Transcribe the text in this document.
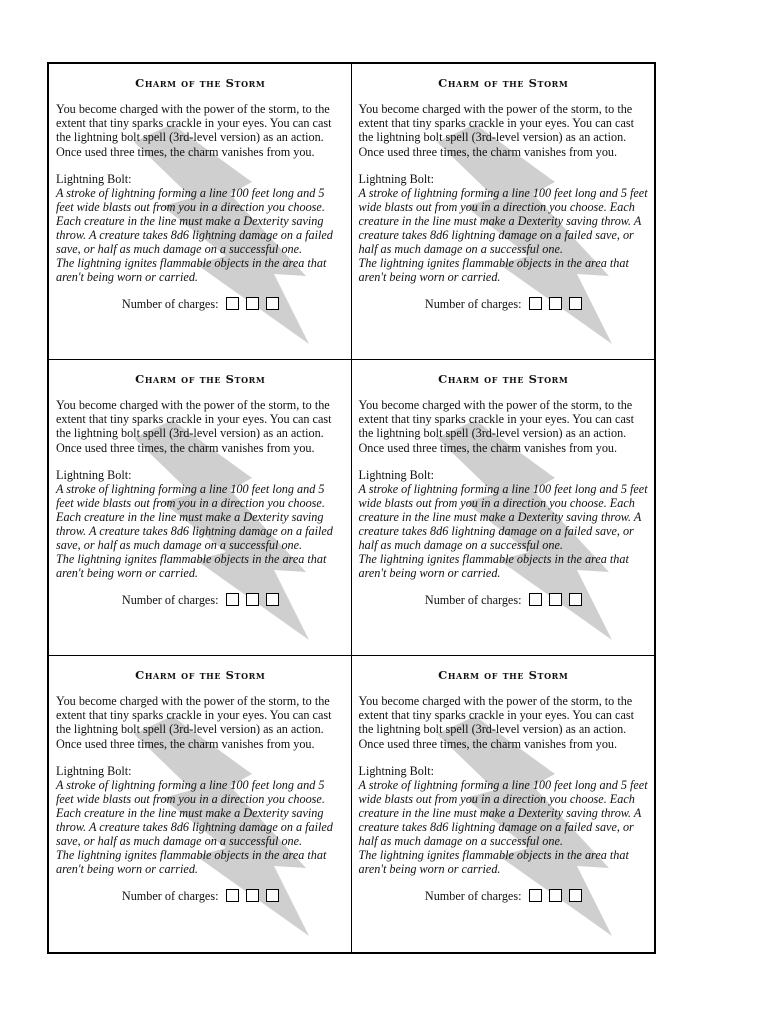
Charm of the Storm

You become charged with the power of the storm, to the extent that tiny sparks crackle in your eyes. You can cast the lightning bolt spell (3rd-level version) as an action. Once used three times, the charm vanishes from you.

Lightning Bolt:

A stroke of lightning forming a line 100 feet long and 5 feet wide blasts out from you in a direction you choose. Each creature in the line must make a Dexterity saving throw. A creature takes 8d6 lightning damage on a failed save, or half as much damage on a successful one.

The lightning ignites flammable objects in the area that aren't being worn or carried.

Number of charges:
Charm of the Storm

You become charged with the power of the storm, to the extent that tiny sparks crackle in your eyes. You can cast the lightning bolt spell (3rd-level version) as an action. Once used three times, the charm vanishes from you.

Lightning Bolt:

A stroke of lightning forming a line 100 feet long and 5 feet wide blasts out from you in a direction you choose. Each creature in the line must make a Dexterity saving throw. A creature takes 8d6 lightning damage on a failed save, or half as much damage on a successful one.

The lightning ignites flammable objects in the area that aren't being worn or carried.

Number of charges:
Charm of the Storm

You become charged with the power of the storm, to the extent that tiny sparks crackle in your eyes. You can cast the lightning bolt spell (3rd-level version) as an action. Once used three times, the charm vanishes from you.

Lightning Bolt:

A stroke of lightning forming a line 100 feet long and 5 feet wide blasts out from you in a direction you choose. Each creature in the line must make a Dexterity saving throw. A creature takes 8d6 lightning damage on a failed save, or half as much damage on a successful one.

The lightning ignites flammable objects in the area that aren't being worn or carried.

Number of charges:
Charm of the Storm

You become charged with the power of the storm, to the extent that tiny sparks crackle in your eyes. You can cast the lightning bolt spell (3rd-level version) as an action. Once used three times, the charm vanishes from you.

Lightning Bolt:

A stroke of lightning forming a line 100 feet long and 5 feet wide blasts out from you in a direction you choose. Each creature in the line must make a Dexterity saving throw. A creature takes 8d6 lightning damage on a failed save, or half as much damage on a successful one.

The lightning ignites flammable objects in the area that aren't being worn or carried.

Number of charges:
Charm of the Storm

You become charged with the power of the storm, to the extent that tiny sparks crackle in your eyes. You can cast the lightning bolt spell (3rd-level version) as an action. Once used three times, the charm vanishes from you.

Lightning Bolt:

A stroke of lightning forming a line 100 feet long and 5 feet wide blasts out from you in a direction you choose. Each creature in the line must make a Dexterity saving throw. A creature takes 8d6 lightning damage on a failed save, or half as much damage on a successful one.

The lightning ignites flammable objects in the area that aren't being worn or carried.

Number of charges:
Charm of the Storm

You become charged with the power of the storm, to the extent that tiny sparks crackle in your eyes. You can cast the lightning bolt spell (3rd-level version) as an action. Once used three times, the charm vanishes from you.

Lightning Bolt:

A stroke of lightning forming a line 100 feet long and 5 feet wide blasts out from you in a direction you choose. Each creature in the line must make a Dexterity saving throw. A creature takes 8d6 lightning damage on a failed save, or half as much damage on a successful one.

The lightning ignites flammable objects in the area that aren't being worn or carried.

Number of charges:
